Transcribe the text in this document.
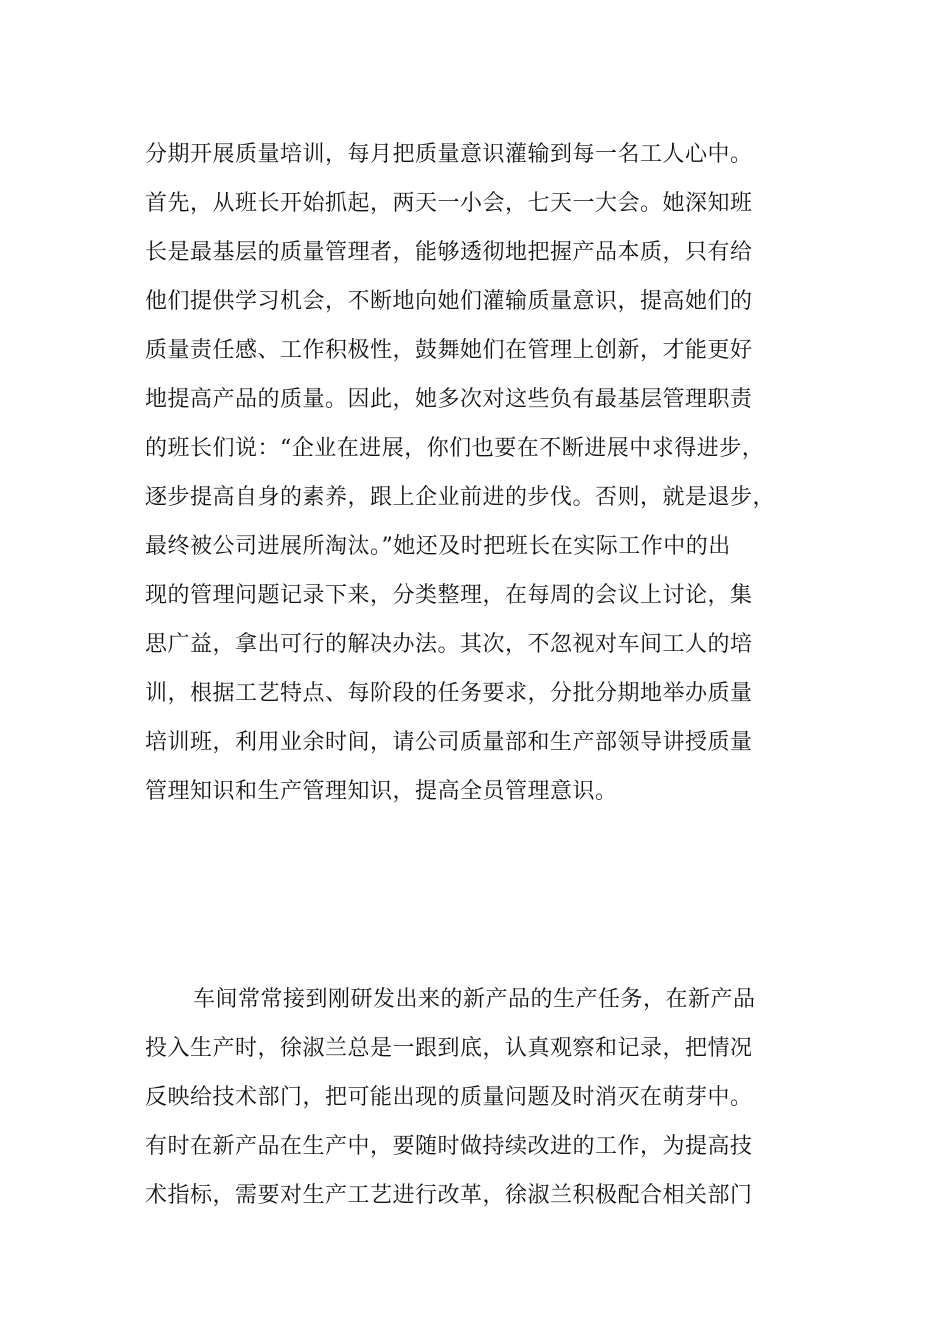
分期开展质量培训，每月把质量意识灌输到每一名工人心中。
首先，从班长开始抓起，两天一小会，七天一大会。她深知班
长是最基层的质量管理者，能够透彻地把握产品本质，只有给
他们提供学习机会，不断地向她们灌输质量意识，提高她们的
质量责任感、工作积极性，鼓舞她们在管理上创新，才能更好
地提高产品的质量。因此，她多次对这些负有最基层管理职责
的班长们说：“企业在进展，你们也要在不断进展中求得进步，
逐步提高自身的素养，跟上企业前进的步伐。否则，就是退步，
最终被公司进展所淘汰。”她还及时把班长在实际工作中的出
现的管理问题记录下来，分类整理，在每周的会议上讨论，集
思广益，拿出可行的解决办法。其次，不忽视对车间工人的培
训，根据工艺特点、每阶段的任务要求，分批分期地举办质量
培训班，利用业余时间，请公司质量部和生产部领导讲授质量
管理知识和生产管理知识，提高全员管理意识。
车间常常接到刚研发出来的新产品的生产任务，在新产品
投入生产时，徐淑兰总是一跟到底，认真观察和记录，把情况
反映给技术部门，把可能出现的质量问题及时消灭在萌芽中。
有时在新产品在生产中，要随时做持续改进的工作，为提高技
术指标，需要对生产工艺进行改革，徐淑兰积极配合相关部门
